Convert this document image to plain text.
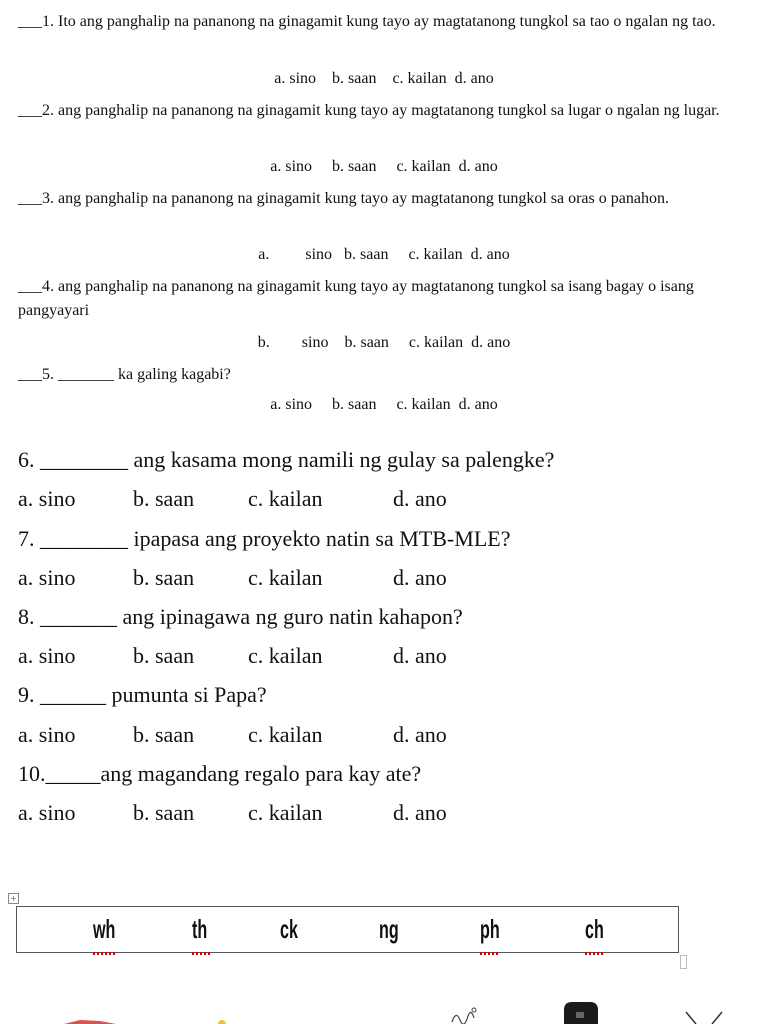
___1. Ito ang panghalip na pananong na ginagamit kung tayo ay magtatanong tungkol sa tao o ngalan ng tao.

a. sino    b. saan    c. kailan  d. ano

___2. ang panghalip na pananong na ginagamit kung tayo ay magtatanong tungkol sa lugar o ngalan ng lugar.

a. sino     b. saan     c. kailan  d. ano

___3. ang panghalip na pananong na ginagamit kung tayo ay magtatanong tungkol sa oras o panahon.

a.         sino   b. saan     c. kailan  d. ano

___4. ang panghalip na pananong na ginagamit kung tayo ay magtatanong tungkol sa isang bagay o isang pangyayari

b.        sino    b. saan     c. kailan  d. ano

___5. _______ ka galing kagabi?

a. sino     b. saan     c. kailan  d. ano
6. ________ ang kasama mong namili ng gulay sa palengke?
a. sino	b. saan c. kailan	d. ano
7. ________ ipapasa ang proyekto natin sa MTB-MLE?
a. sino	b. saan c. kailan	d. ano
8. _______ ang ipinagawa ng guro natin kahapon?
a. sino	b. saan c. kailan	d. ano
9. ______ pumunta si Papa?
a. sino	b. saan c. kailan	d. ano
10._____ang magandang regalo para kay ate?
a. sino	b. saan c. kailan	d. ano
+
wh	th	ck	ng	ph	ch
